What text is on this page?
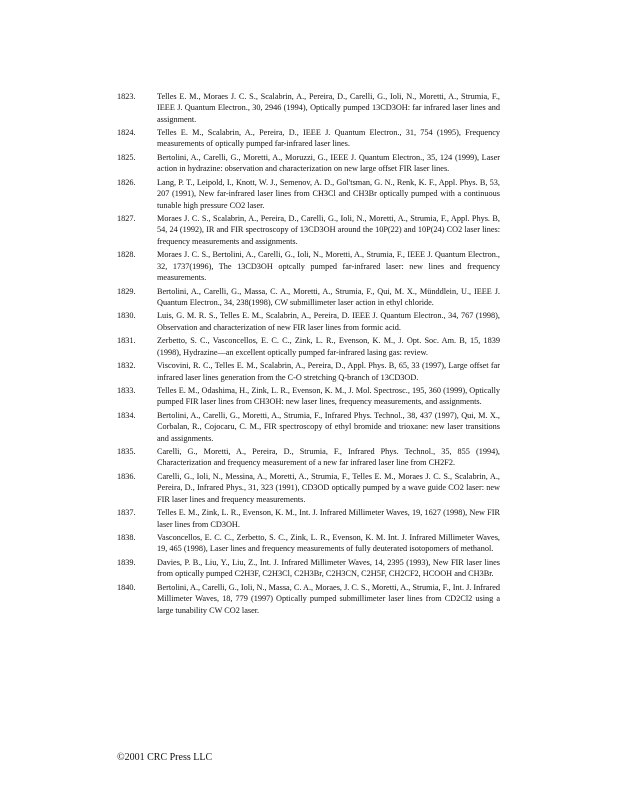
1823.	Telles E. M., Moraes J. C. S., Scalabrin, A., Pereira, D., Carelli, G., Ioli, N., Moretti, A., Strumia, F., IEEE J. Quantum Electron., 30, 2946 (1994), Optically pumped 13CD3OH: far infrared laser lines and assignment.
1824.	Telles E. M., Scalabrin, A., Pereira, D., IEEE J. Quantum Electron., 31, 754 (1995), Frequency measurements of optically pumped far-infrared laser lines.
1825.	Bertolini, A., Carelli, G., Moretti, A., Moruzzi, G., IEEE J. Quantum Electron., 35, 124 (1999), Laser action in hydrazine: observation and characterization on new large offset FIR laser lines.
1826.	Lang, P. T., Leipold, I., Knott, W. J., Semenov, A. D., Gol'tsman, G. N., Renk, K. F., Appl. Phys. B, 53, 207 (1991), New far-infrared laser lines from CH3Cl and CH3Br optically pumped with a continuous tunable high pressure CO2 laser.
1827.	Moraes J. C. S., Scalabrin, A., Pereira, D., Carelli, G., Ioli, N., Moretti, A., Strumia, F., Appl. Phys. B, 54, 24 (1992), IR and FIR spectroscopy of 13CD3OH around the 10P(22) and 10P(24) CO2 laser lines: frequency measurements and assignments.
1828.	Moraes J. C. S., Bertolini, A., Carelli, G., Ioli, N., Moretti, A., Strumia, F., IEEE J. Quantum Electron., 32, 1737(1996), The 13CD3OH optcally pumped far-infrared laser: new lines and frequency measurements.
1829.	Bertolini, A., Carelli, G., Massa, C. A., Moretti, A., Strumia, F., Qui, M. X., Münddlein, U., IEEE J. Quantum Electron., 34, 238(1998), CW submillimeter laser action in ethyl chloride.
1830.	Luis, G. M. R. S., Telles E. M., Scalabrin, A., Pereira, D. IEEE J. Quantum Electron., 34, 767 (1998), Observation and characterization of new FIR laser lines from formic acid.
1831.	Zerbetto, S. C., Vasconcellos, E. C. C., Zink, L. R., Evenson, K. M., J. Opt. Soc. Am. B, 15, 1839 (1998), Hydrazine—an excellent optically pumped far-infrared lasing gas: review.
1832.	Viscovini, R. C., Telles E. M., Scalabrin, A., Pereira, D., Appl. Phys. B, 65, 33 (1997), Large offset far infrared laser lines generation from the C-O stretching Q-branch of 13CD3OD.
1833.	Telles E. M., Odashima, H., Zink, L. R., Evenson, K. M., J. Mol. Spectrosc., 195, 360 (1999), Optically pumped FIR laser lines from CH3OH: new laser lines, frequency measurements, and assignments.
1834.	Bertolini, A., Carelli, G., Moretti, A., Strumia, F., Infrared Phys. Technol., 38, 437 (1997), Qui, M. X., Corbalan, R., Cojocaru, C. M., FIR spectroscopy of ethyl bromide and trioxane: new laser transitions and assignments.
1835.	Carelli, G., Moretti, A., Pereira, D., Strumia, F., Infrared Phys. Technol., 35, 855 (1994), Characterization and frequency measurement of a new far infrared laser line from CH2F2.
1836.	Carelli, G., Ioli, N., Messina, A., Moretti, A., Strumia, F., Telles E. M., Moraes J. C. S., Scalabrin, A., Pereira, D., Infrared Phys., 31, 323 (1991), CD3OD optically pumped by a wave guide CO2 laser: new FIR laser lines and frequency measurements.
1837.	Telles E. M., Zink, L. R., Evenson, K. M., Int. J. Infrared Millimeter Waves, 19, 1627 (1998), New FIR laser lines from CD3OH.
1838.	Vasconcellos, E. C. C., Zerbetto, S. C., Zink, L. R., Evenson, K. M. Int. J. Infrared Millimeter Waves, 19, 465 (1998), Laser lines and frequency measurements of fully deuterated isotopomers of methanol.
1839.	Davies, P. B., Liu, Y., Liu, Z., Int. J. Infrared Millimeter Waves, 14, 2395 (1993), New FIR laser lines from optically pumped C2H3F, C2H3Cl, C2H3Br, C2H3CN, C2H5F, CH2CF2, HCOOH and CH3Br.
1840.	Bertolini, A., Carelli, G., Ioli, N., Massa, C. A., Moraes, J. C. S., Moretti, A., Strumia, F., Int. J. Infrared Millimeter Waves, 18, 779 (1997) Optically pumped submillimeter laser lines from CD2Cl2 using a large tunability CW CO2 laser.
©2001 CRC Press LLC
